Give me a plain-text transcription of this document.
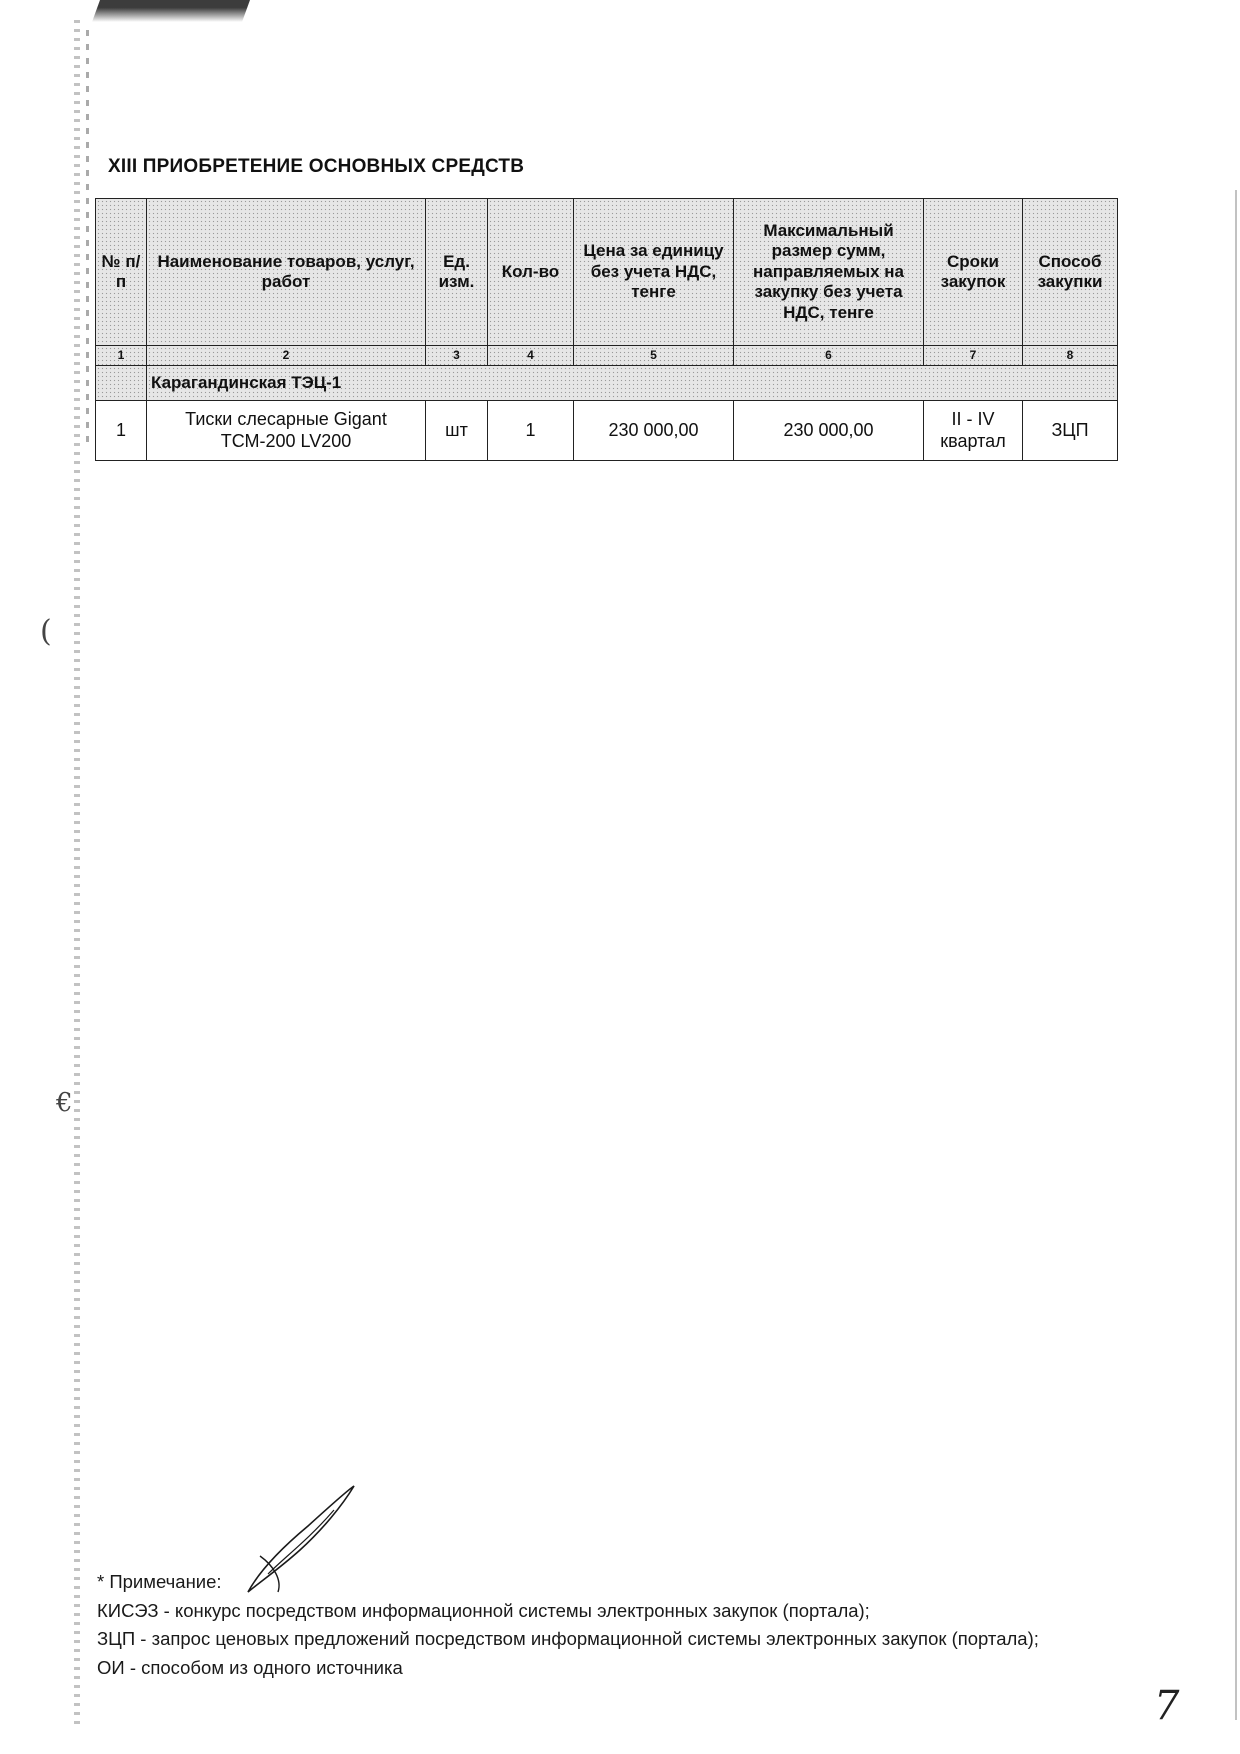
XIII ПРИОБРЕТЕНИЕ ОСНОВНЫХ СРЕДСТВ
№ п/п	Наименование товаров, услуг, работ	Ед. изм.	Кол-во	Цена за единицу без учета НДС, тенге	Максимальный размер сумм, направляемых на закупку без учета НДС, тенге	Сроки закупок	Способ закупки
1	2	3	4	5	6	7	8
	Карагандинская ТЭЦ-1						
1	Тиски слесарные Gigant ТСМ-200 LV200	шт	1	230 000,00	230 000,00	II - IV квартал	ЗЦП
(
€

* Примечание:

КИСЭЗ - конкурс посредством информационной системы электронных закупок (портала);

ЗЦП - запрос ценовых предложений посредством информационной системы электронных закупок (портала);

ОИ - способом из одного источника

7
